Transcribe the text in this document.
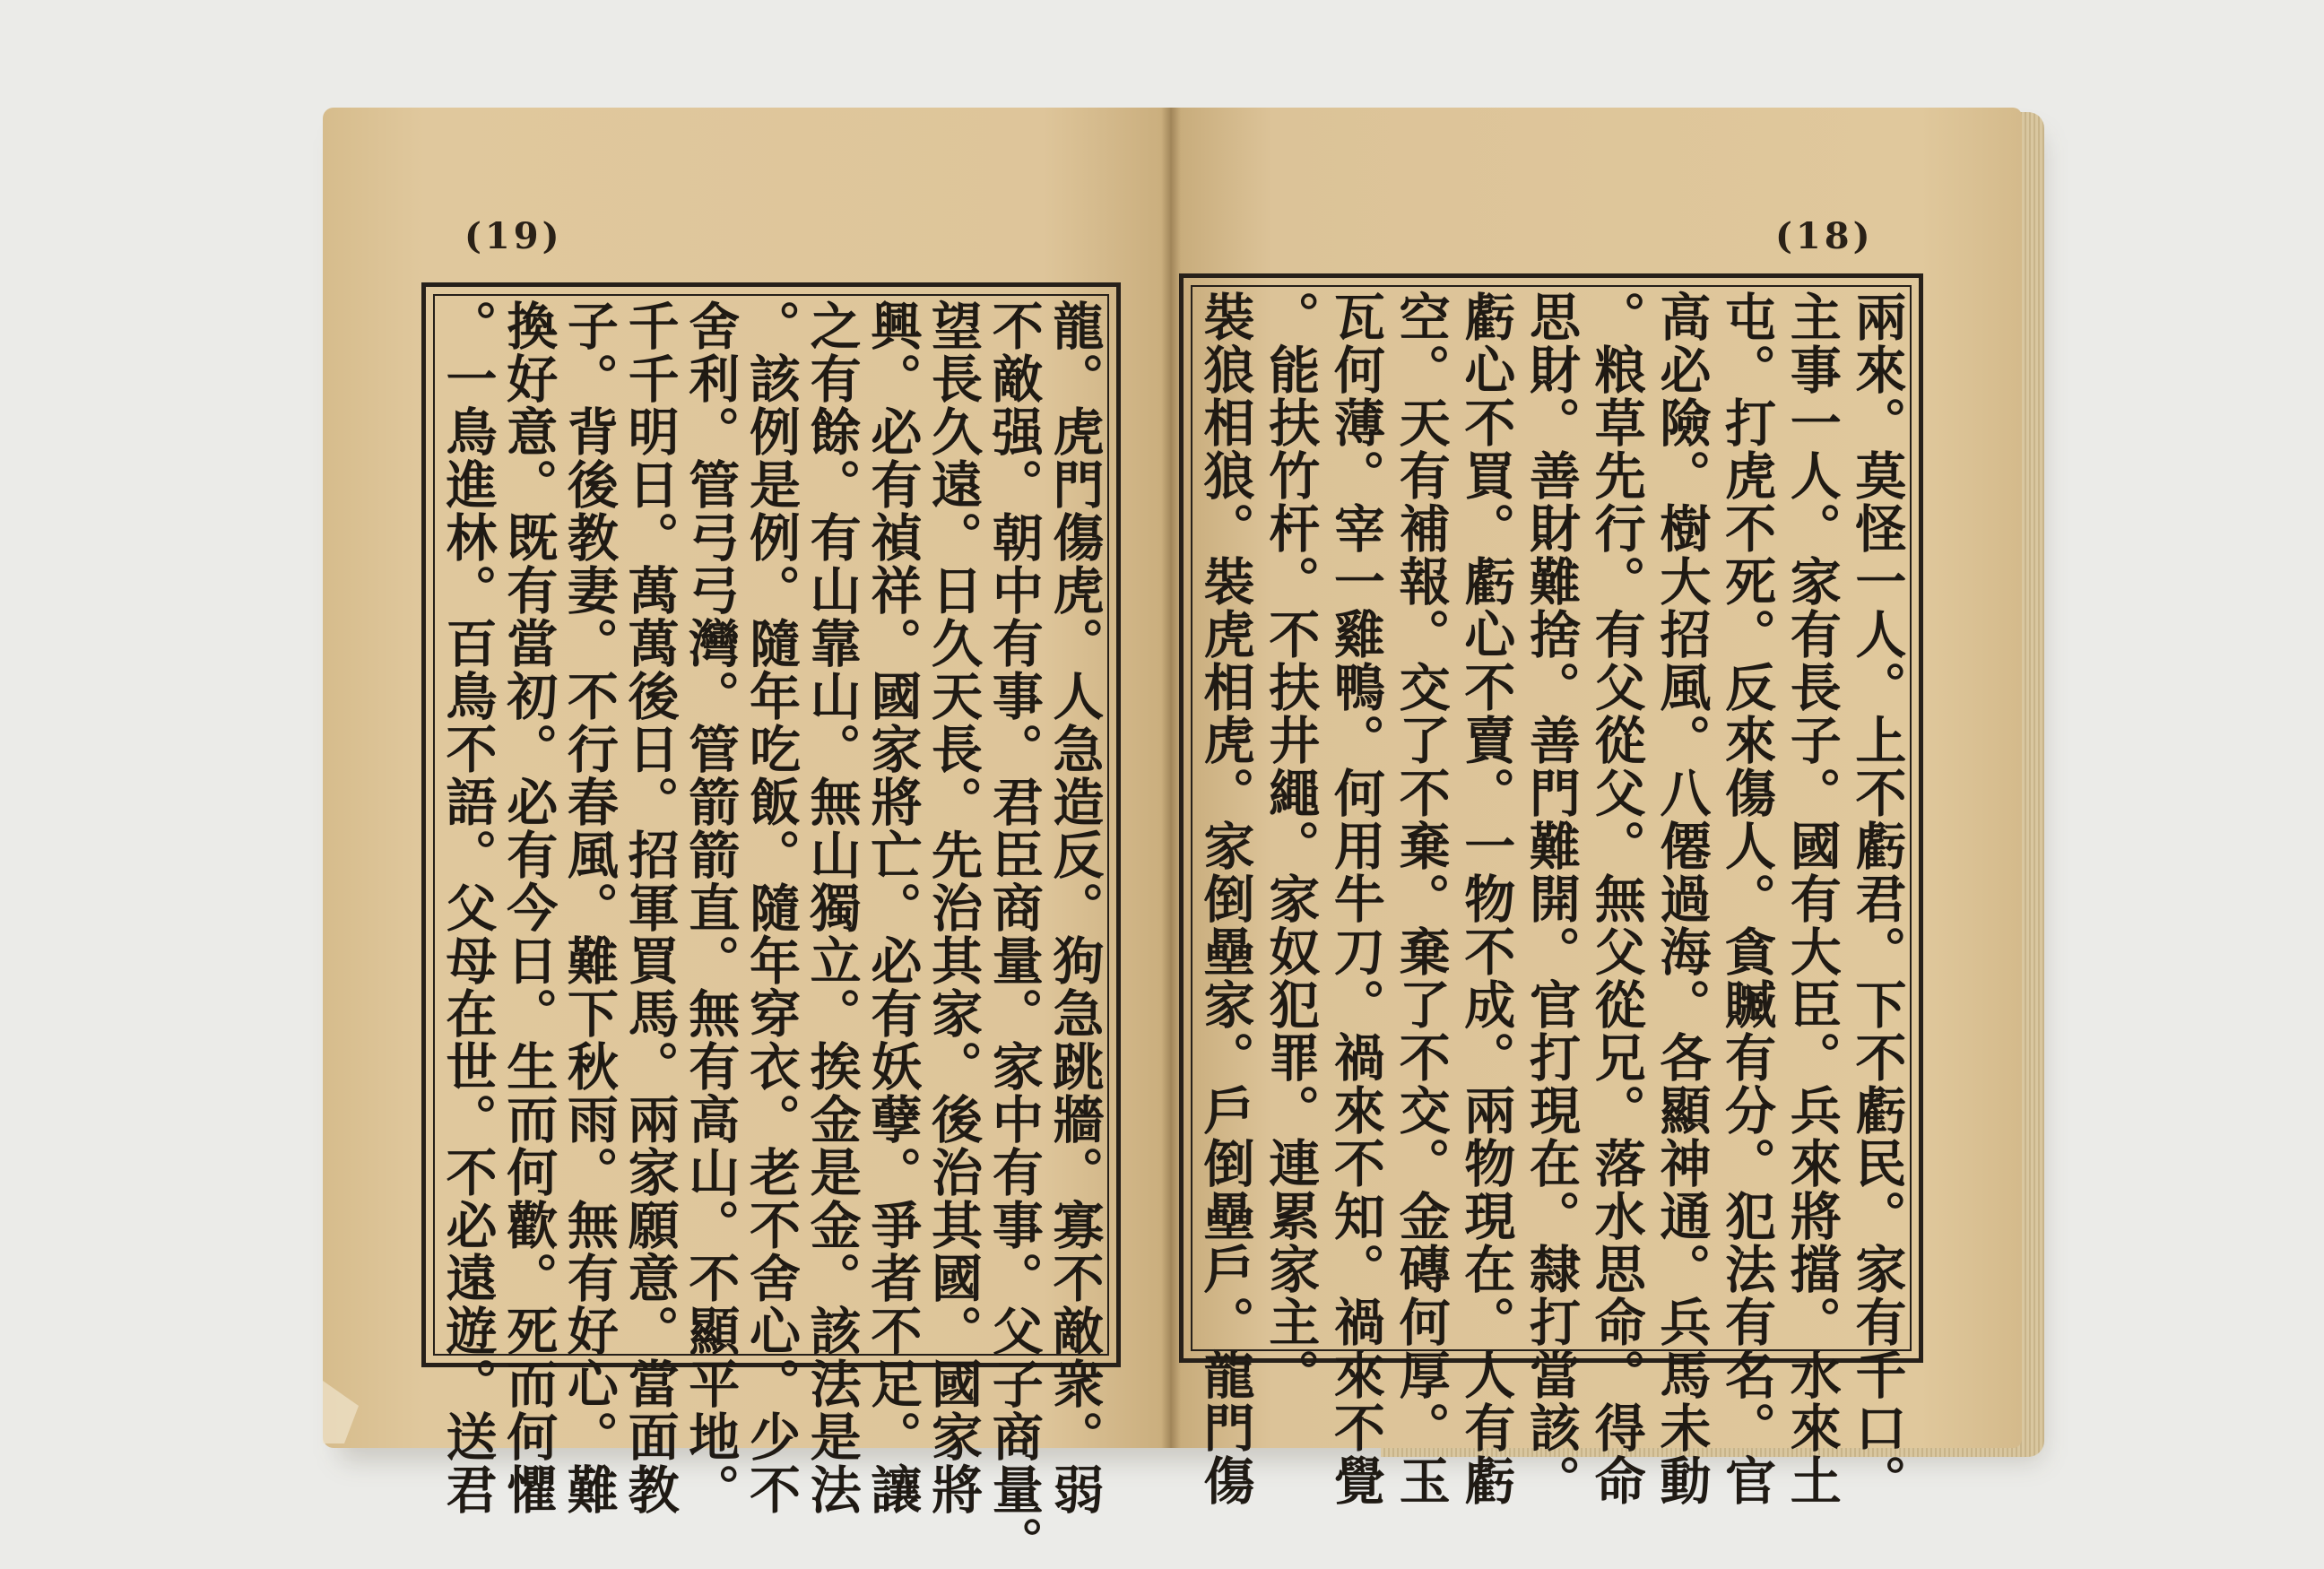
(19)	(18)
龍。虎門傷虎。人急造反。狗急跳牆。寡不敵衆。弱
不敵强。朝中有事。君臣商量。家中有事。父子商量。
望長久遠。日久天長。先治其家。後治其國。國家將
興。必有禎祥。國家將亡。必有妖孽。爭者不足。讓
之有餘。有山靠山。無山獨立。挨金是金。該法是法
。該例是例。隨年吃飯。隨年穿衣。老不舍心。少不
舍利。管弓弓灣。管箭箭直。無有高山。不顯平地。
千千明日。萬萬後日。招軍買馬。兩家願意。當面教
子。背後教妻。不行春風。難下秋雨。無有好心。難
換好意。既有當初。必有今日。生而何歡。死而何懼
。一鳥進林。百鳥不語。父母在世。不必遠遊。送君	兩來。莫怪一人。上不虧君。下不虧民。家有千口。
主事一人。家有長子。國有大臣。兵來將擋。水來土
屯。打虎不死。反來傷人。貪贓有分。犯法有名。官
高必險。樹大招風。八僊過海。各顯神通。兵馬未動
。粮草先行。有父從父。無父從兄。落水思命。得命
思財。善財難捨。善門難開。官打現在。隸打當該。
虧心不買。虧心不賣。一物不成。兩物現在。人有虧
空。天有補報。交了不棄。棄了不交。金磚何厚。玉
瓦何薄。宰一雞鴨。何用牛刀。禍來不知。禍來不覺
。能扶竹杆。不扶井繩。家奴犯罪。連累家主。
裝狼相狼。裝虎相虎。家倒壘家。戶倒壘戶。龍門傷
